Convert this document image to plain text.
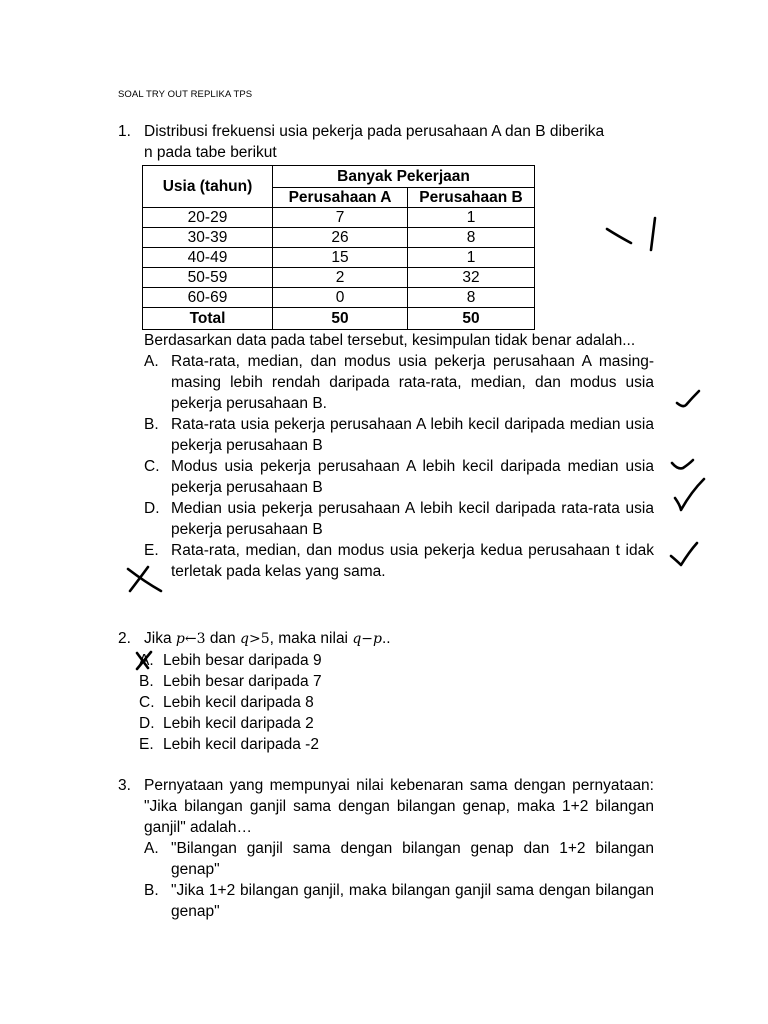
SOAL TRY OUT REPLIKA TPS
1. Distribusi frekuensi usia pekerja pada perusahaan A dan B diberika
n pada tabe berikut
Usia (tahun)	Banyak Pekerjaan	
	Perusahaan A	Perusahaan B
20-29	7	1
30-39	26	8
40-49	15	1
50-59	2	32
60-69	0	8
Total	50	50
Berdasarkan data pada tabel tersebut, kesimpulan tidak benar adalah...
A. Rata-rata, median, dan modus usia pekerja perusahaan A masing-masing lebih rendah daripada rata-rata, median, dan modus usia pekerja perusahaan B.
B. Rata-rata usia pekerja perusahaan A lebih kecil daripada median usia pekerja perusahaan B
C. Modus usia pekerja perusahaan A lebih kecil daripada median usia pekerja perusahaan B
D. Median usia pekerja perusahaan A lebih kecil daripada rata-rata usia pekerja perusahaan B
E. Rata-rata, median, dan modus usia pekerja kedua perusahaan t idak terletak pada kelas yang sama.
2. Jika p←3 dan q>5, maka nilai q−p..
A. Lebih besar daripada 9
B. Lebih besar daripada 7
C. Lebih kecil daripada 8
D. Lebih kecil daripada 2
E. Lebih kecil daripada -2
3. Pernyataan yang mempunyai nilai kebenaran sama dengan pernyataan: "Jika bilangan ganjil sama dengan bilangan genap, maka 1+2 bilangan ganjil" adalah…
A. "Bilangan ganjil sama dengan bilangan genap dan 1+2 bilangan genap"
B. "Jika 1+2 bilangan ganjil, maka bilangan ganjil sama dengan bilangan genap"
